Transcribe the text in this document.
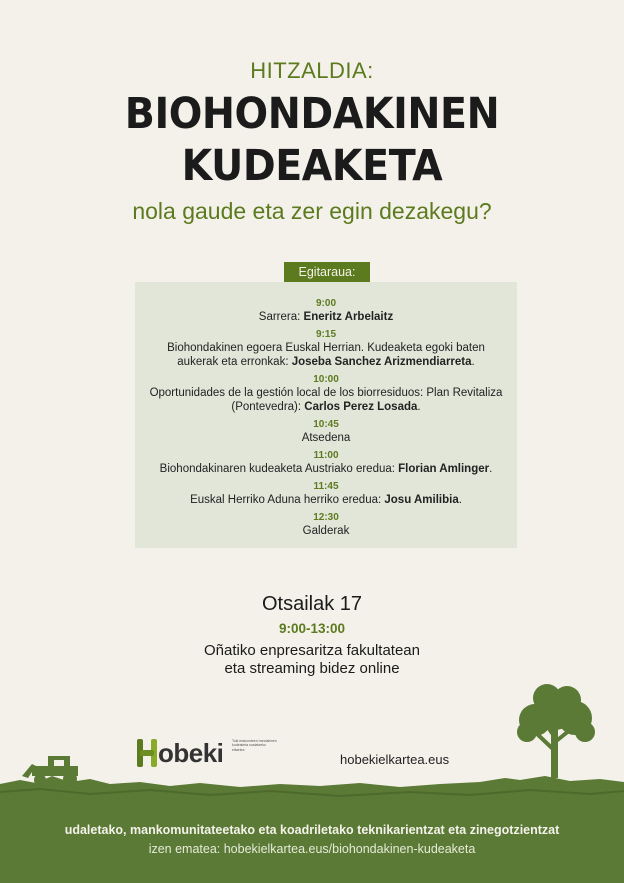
HITZALDIA:
BIOHONDAKINEN
KUDEAKETA
nola gaude eta zer egin dezakegu?
Egitaraua:
9:00
Sarrera: Eneritz Arbelaitz
9:15
Biohondakinen egoera Euskal Herrian. Kudeaketa egoki baten aukerak eta erronkak: Joseba Sanchez Arizmendiarreta.
10:00
Oportunidades de la gestión local de los biorresiduos: Plan Revitaliza (Pontevedra): Carlos Perez Losada.
10:45
Atsedena
11:00
Biohondakinaren kudeaketa Austriako eredua: Florian Amlinger.
11:45
Euskal Herriko Aduna herriko eredua: Josu Amilibia.
12:30
Galderak
Otsailak 17
9:00-13:00
Oñatiko enpresaritza fakultatean
eta streaming bidez online
obeki Toki erakundeen hondakinen kudeaketa sustatzeko elkartea
hobekielkartea.eus
udaletako, mankomunitateetako eta koadriletako teknikarientzat eta zinegotzientzat
izen ematea: hobekielkartea.eus/biohondakinen-kudeaketa
